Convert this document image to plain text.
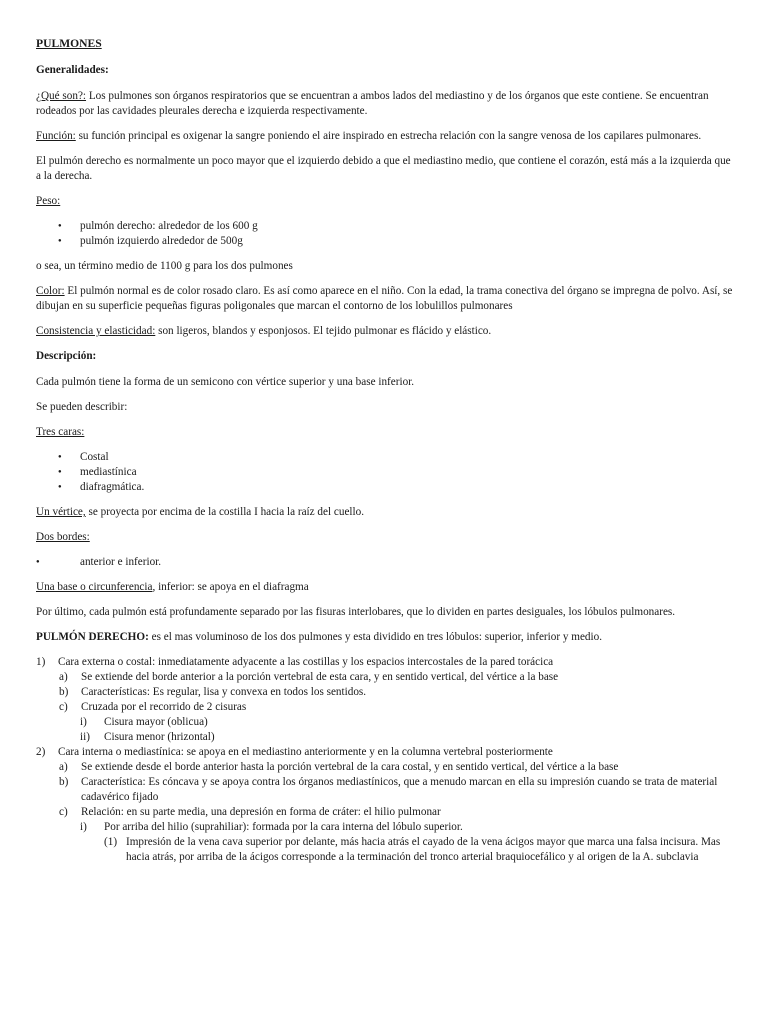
PULMONES

Generalidades:

¿Qué son?: Los pulmones son órganos respiratorios que se encuentran a ambos lados del mediastino y de los órganos que este contiene. Se encuentran rodeados por las cavidades pleurales derecha e izquierda respectivamente.

Función: su función principal es oxigenar la sangre poniendo el aire inspirado en estrecha relación con la sangre venosa de los capilares pulmonares.

El pulmón derecho es normalmente un poco mayor que el izquierdo debido a que el mediastino medio, que contiene el corazón, está más a la izquierda que a la derecha.

Peso:

● pulmón derecho: alrededor de los 600 g
● pulmón izquierdo alrededor de 500g

o sea, un término medio de 1100 g para los dos pulmones

Color: El pulmón normal es de color rosado claro. Es así como aparece en el niño. Con la edad, la trama conectiva del órgano se impregna de polvo. Así, se dibujan en su superficie pequeñas figuras poligonales que marcan el contorno de los lobulillos pulmonares

Consistencia y elasticidad: son ligeros, blandos y esponjosos. El tejido pulmonar es flácido y elástico.

Descripción:

Cada pulmón tiene la forma de un semicono con vértice superior y una base inferior.

Se pueden describir:

Tres caras:

● Costal
● mediastínica
● diafragmática.

Un vértice, se proyecta por encima de la costilla I hacia la raíz del cuello.

Dos bordes:

● anterior e inferior.

Una base o circunferencia, inferior: se apoya en el diafragma

Por último, cada pulmón está profundamente separado por las fisuras interlobares, que lo dividen en partes desiguales, los lóbulos pulmonares.

PULMÓN DERECHO: es el mas voluminoso de los dos pulmones y esta dividido en tres lóbulos: superior, inferior y medio.

1) Cara externa o costal: inmediatamente adyacente a las costillas y los espacios intercostales de la pared torácica
a) Se extiende del borde anterior a la porción vertebral de esta cara, y en sentido vertical, del vértice a la base
b) Características: Es regular, lisa y convexa en todos los sentidos.
c) Cruzada por el recorrido de 2 cisuras
i) Cisura mayor (oblicua)
ii) Cisura menor (hrizontal)
2) Cara interna o mediastínica: se apoya en el mediastino anteriormente y en la columna vertebral posteriormente
a) Se extiende desde el borde anterior hasta la porción vertebral de la cara costal, y en sentido vertical, del vértice a la base
b) Característica: Es cóncava y se apoya contra los órganos mediastínicos, que a menudo marcan en ella su impresión cuando se trata de material cadavérico fijado
c) Relación: en su parte media, una depresión en forma de cráter: el hilio pulmonar
i) Por arriba del hilio (suprahiliar): formada por la cara interna del lóbulo superior.
(1) Impresión de la vena cava superior por delante, más hacia atrás el cayado de la vena ácigos mayor que marca una falsa incisura. Mas hacia atrás, por arriba de la ácigos corresponde a la terminación del tronco arterial braquiocefálico y al origen de la A. subclavia
